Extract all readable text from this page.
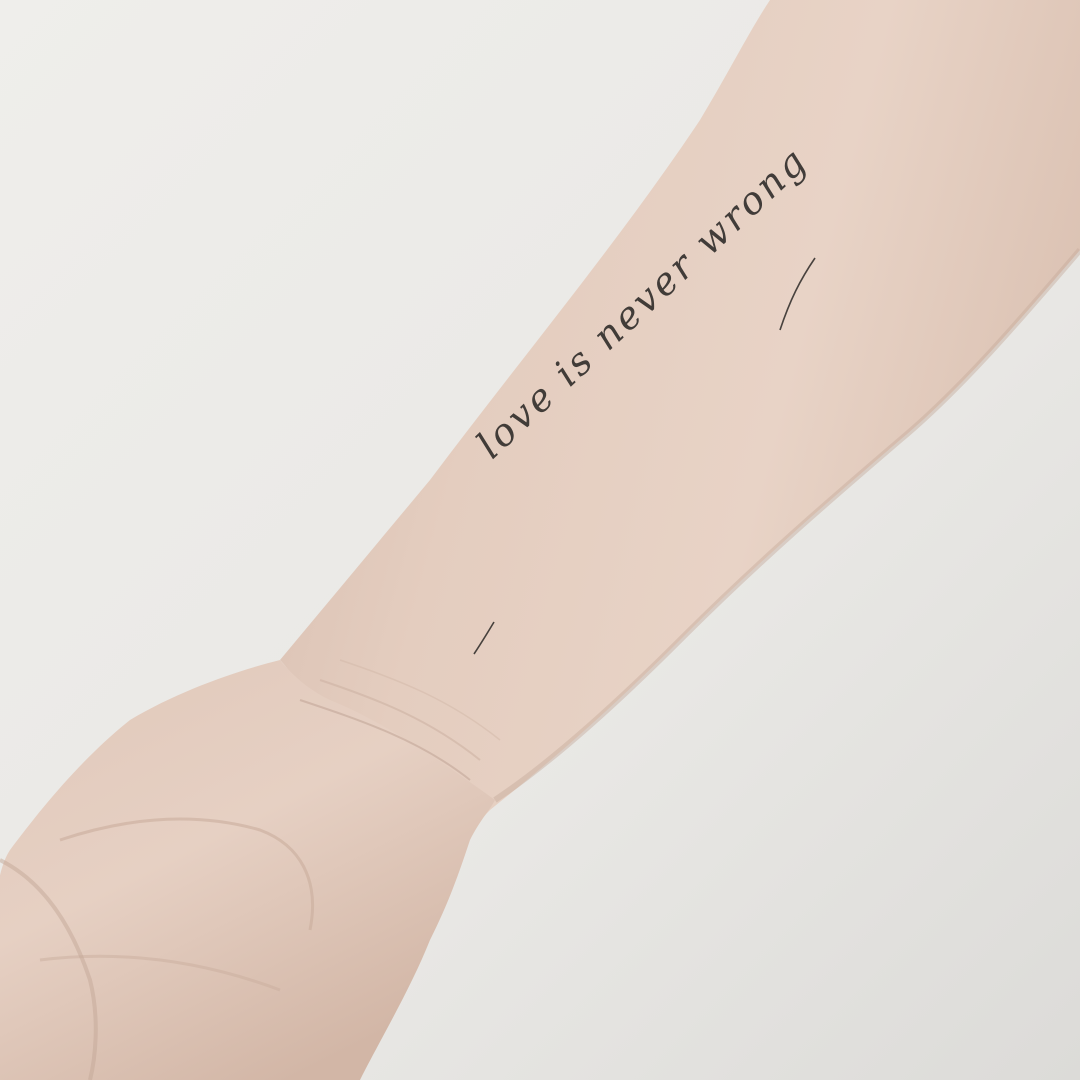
love is never wrong
